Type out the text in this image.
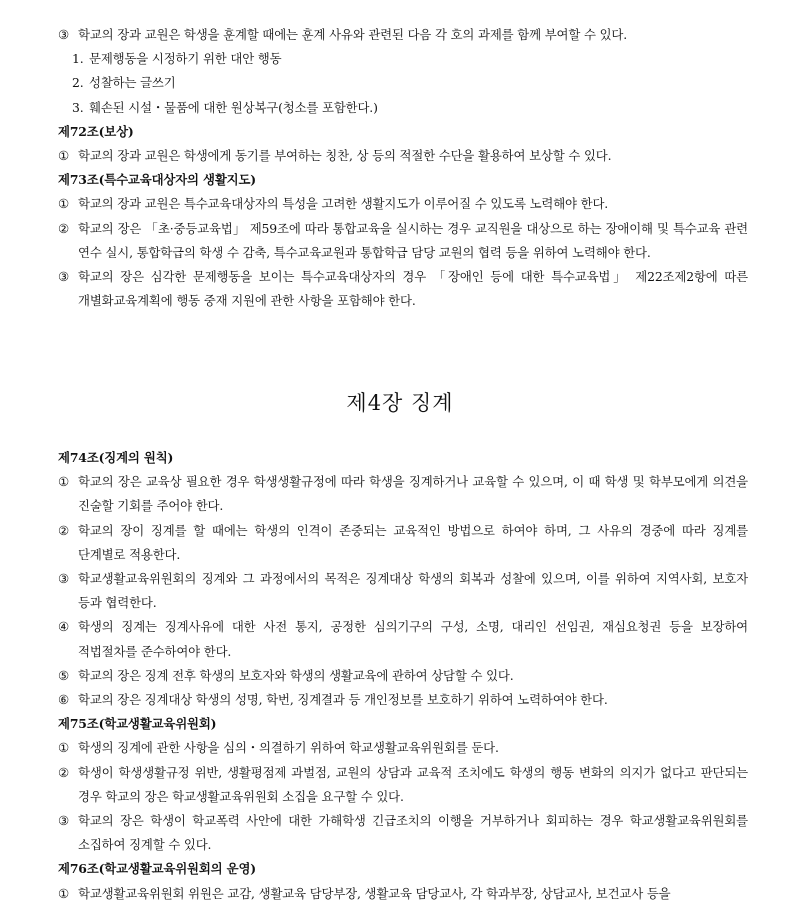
③ 학교의 장과 교원은 학생을 훈계할 때에는 훈계 사유와 관련된 다음 각 호의 과제를 함께 부여할 수 있다.
1. 문제행동을 시정하기 위한 대안 행동
2. 성찰하는 글쓰기
3. 훼손된 시설・물품에 대한 원상복구(청소를 포함한다.)
제72조(보상)
① 학교의 장과 교원은 학생에게 동기를 부여하는 칭찬, 상 등의 적절한 수단을 활용하여 보상할 수 있다.
제73조(특수교육대상자의 생활지도)
① 학교의 장과 교원은 특수교육대상자의 특성을 고려한 생활지도가 이루어질 수 있도록 노력해야 한다.
② 학교의 장은 「초·중등교육법」 제59조에 따라 통합교육을 실시하는 경우 교직원을 대상으로 하는 장애이해 및 특수교육 관련 연수 실시, 통합학급의 학생 수 감축, 특수교육교원과 통합학급 담당 교원의 협력 등을 위하여 노력해야 한다.
③ 학교의 장은 심각한 문제행동을 보이는 특수교육대상자의 경우 「장애인 등에 대한 특수교육법」 제22조제2항에 따른 개별화교육계획에 행동 중재 지원에 관한 사항을 포함해야 한다.
제4장 징계
제74조(징계의 원칙)
① 학교의 장은 교육상 필요한 경우 학생생활규정에 따라 학생을 징계하거나 교육할 수 있으며, 이 때 학생 및 학부모에게 의견을 진술할 기회를 주어야 한다.
② 학교의 장이 징계를 할 때에는 학생의 인격이 존중되는 교육적인 방법으로 하여야 하며, 그 사유의 경중에 따라 징계를 단계별로 적용한다.
③ 학교생활교육위원회의 징계와 그 과정에서의 목적은 징계대상 학생의 회복과 성찰에 있으며, 이를 위하여 지역사회, 보호자 등과 협력한다.
④ 학생의 징계는 징계사유에 대한 사전 통지, 공정한 심의기구의 구성, 소명, 대리인 선임권, 재심요청권 등을 보장하여 적법절차를 준수하여야 한다.
⑤ 학교의 장은 징계 전후 학생의 보호자와 학생의 생활교육에 관하여 상담할 수 있다.
⑥ 학교의 장은 징계대상 학생의 성명, 학번, 징계결과 등 개인정보를 보호하기 위하여 노력하여야 한다.
제75조(학교생활교육위원회)
① 학생의 징계에 관한 사항을 심의・의결하기 위하여 학교생활교육위원회를 둔다.
② 학생이 학생생활규정 위반, 생활평점제 과벌점, 교원의 상담과 교육적 조치에도 학생의 행동 변화의 의지가 없다고 판단되는 경우 학교의 장은 학교생활교육위원회 소집을 요구할 수 있다.
③ 학교의 장은 학생이 학교폭력 사안에 대한 가해학생 긴급조치의 이행을 거부하거나 회피하는 경우 학교생활교육위원회를 소집하여 징계할 수 있다.
제76조(학교생활교육위원회의 운영)
① 학교생활교육위원회 위원은 교감, 생활교육 담당부장, 생활교육 담당교사, 각 학과부장, 상담교사, 보건교사 등을
